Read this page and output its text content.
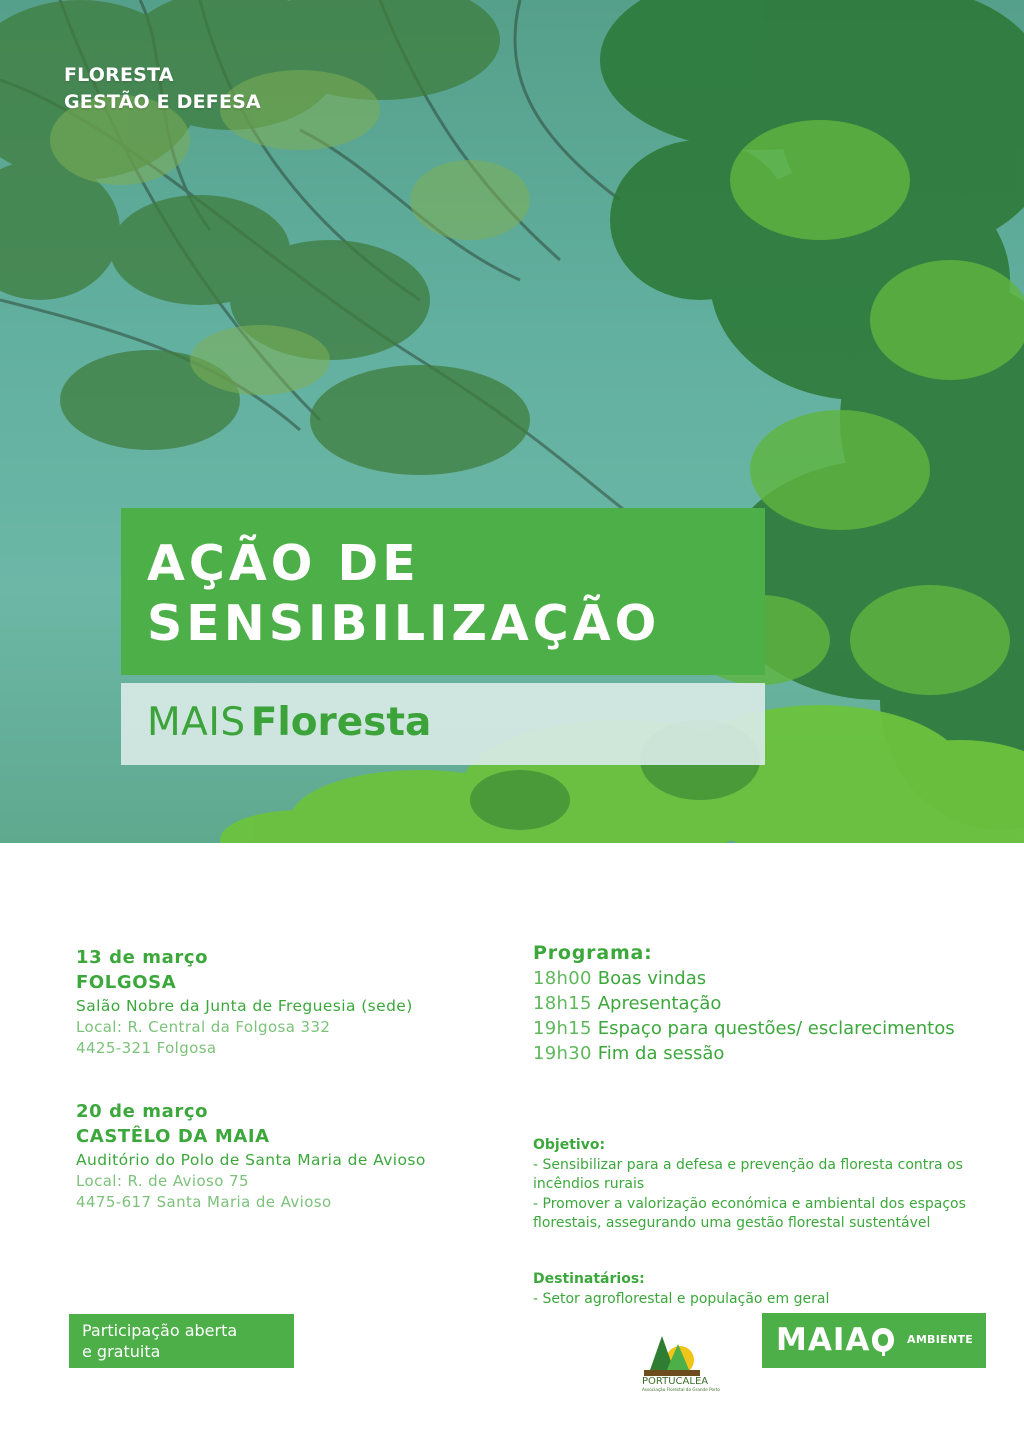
FLORESTA
GESTÃO E DEFESA
AÇÃO DE
SENSIBILIZAÇÃO
MAIS Floresta
13 de março
FOLGOSA
Salão Nobre da Junta de Freguesia (sede)
Local: R. Central da Folgosa 332
4425-321 Folgosa
20 de março
CASTÊLO DA MAIA
Auditório do Polo de Santa Maria de Avioso
Local: R. de Avioso 75
4475-617 Santa Maria de Avioso
Programa:
18h00 Boas vindas
18h15 Apresentação
19h15 Espaço para questões/ esclarecimentos
19h30 Fim da sessão
Objetivo:
- Sensibilizar para a defesa e prevenção da floresta contra os incêndios rurais
- Promover a valorização económica e ambiental dos espaços florestais, assegurando uma gestão florestal sustentável
Destinatários:
- Setor agroflorestal e população em geral
Participação aberta
e gratuita
PORTUCALEA
Associação Florestal do Grande Porto
MAIA	AMBIENTE
